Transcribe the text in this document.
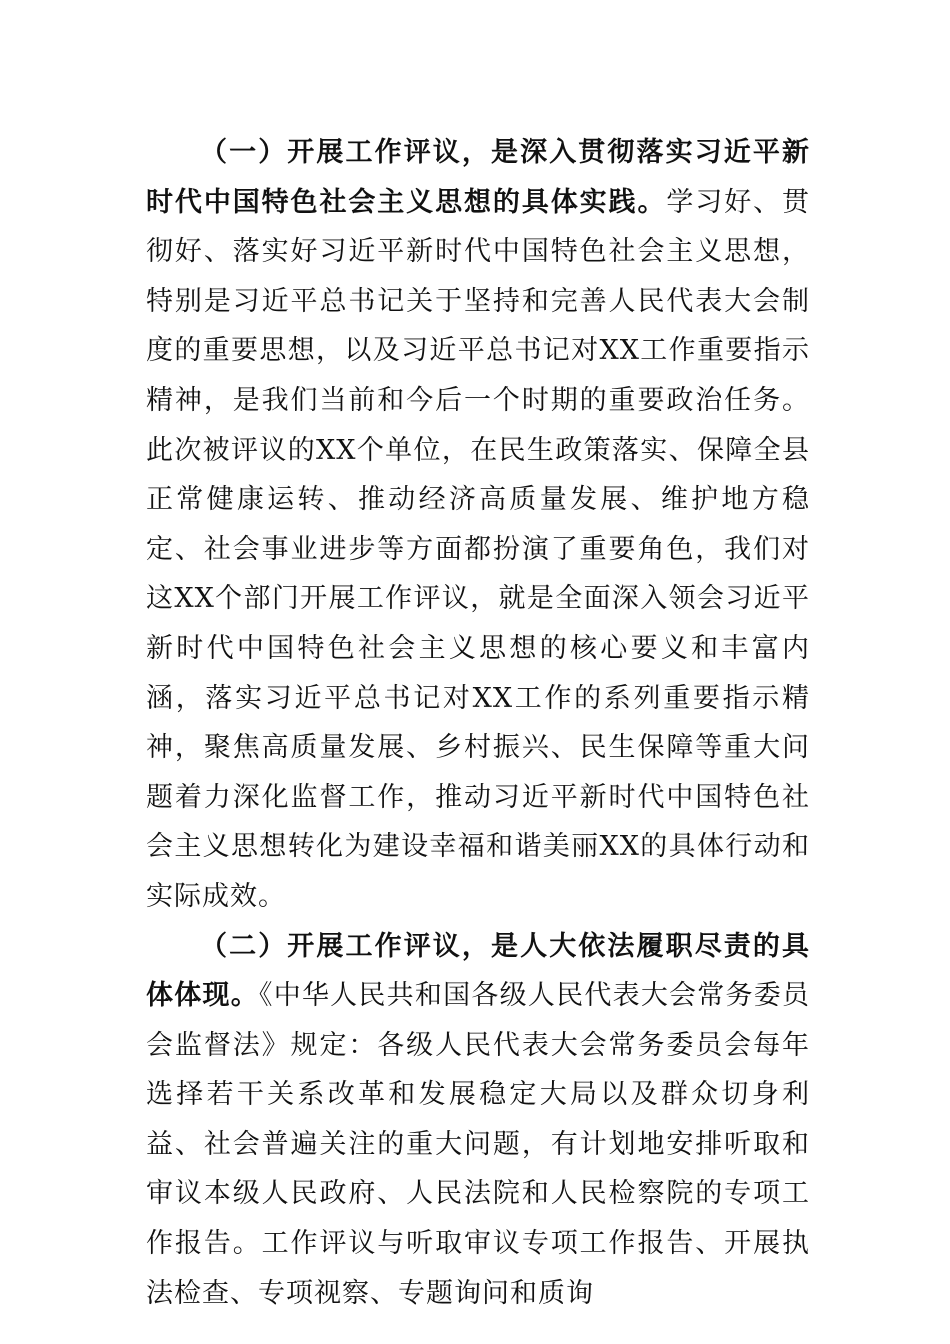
（一）开展工作评议，是深入贯彻落实习近平新时代中国特色社会主义思想的具体实践。学习好、贯彻好、落实好习近平新时代中国特色社会主义思想，特别是习近平总书记关于坚持和完善人民代表大会制度的重要思想，以及习近平总书记对XX工作重要指示精神，是我们当前和今后一个时期的重要政治任务。此次被评议的XX个单位，在民生政策落实、保障全县正常健康运转、推动经济高质量发展、维护地方稳定、社会事业进步等方面都扮演了重要角色，我们对这XX个部门开展工作评议，就是全面深入领会习近平新时代中国特色社会主义思想的核心要义和丰富内涵，落实习近平总书记对XX工作的系列重要指示精神，聚焦高质量发展、乡村振兴、民生保障等重大问题着力深化监督工作，推动习近平新时代中国特色社会主义思想转化为建设幸福和谐美丽XX的具体行动和实际成效。

（二）开展工作评议，是人大依法履职尽责的具体体现。《中华人民共和国各级人民代表大会常务委员会监督法》规定：各级人民代表大会常务委员会每年选择若干关系改革和发展稳定大局以及群众切身利益、社会普遍关注的重大问题，有计划地安排听取和审议本级人民政府、人民法院和人民检察院的专项工作报告。工作评议与听取审议专项工作报告、开展执法检查、专项视察、专题询问和质询
